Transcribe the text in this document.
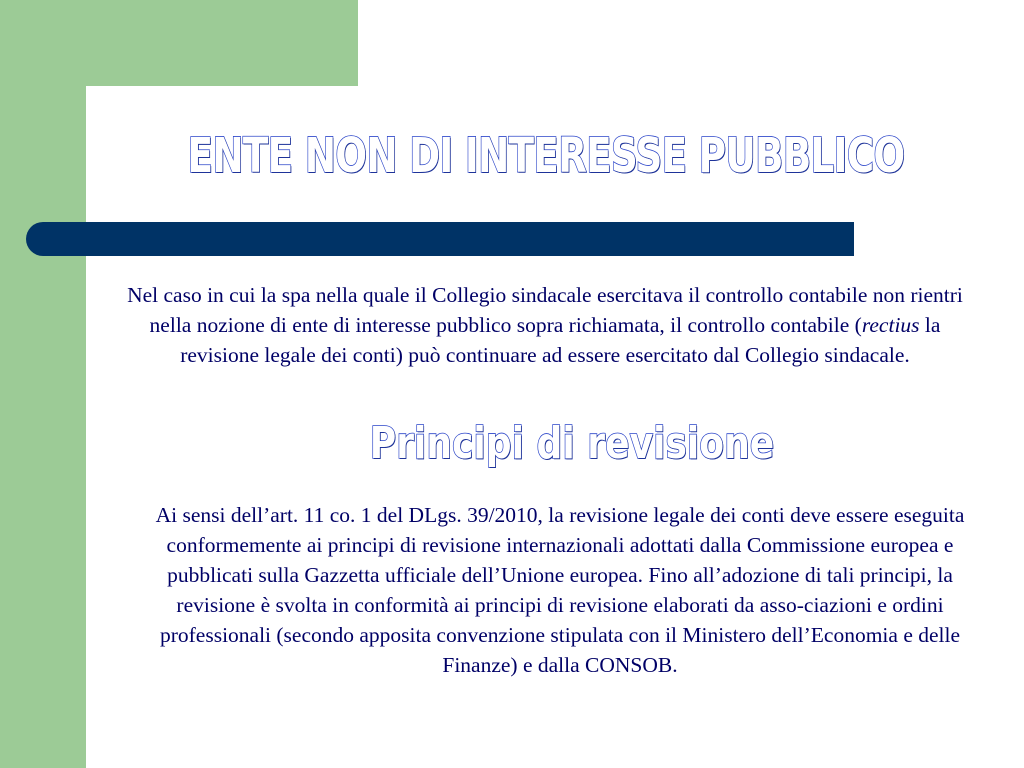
ENTE NON DI INTERESSE PUBBLICO

Nel caso in cui la spa nella quale il Collegio sindacale esercitava il controllo contabile non rientri nella nozione di ente di interesse pubblico sopra richiamata, il controllo contabile (rectius la revisione legale dei conti) può continuare ad essere esercitato dal Collegio sindacale.

Principi di revisione

Ai sensi dell’art. 11 co. 1 del DLgs. 39/2010, la revisione legale dei conti deve essere eseguita conformemente ai principi di revisione internazionali adottati dalla Commissione europea e pubblicati sulla Gazzetta ufficiale dell’Unione europea. Fino all’adozione di tali principi, la revisione è svolta in conformità ai principi di revisione elaborati da asso-ciazioni e ordini professionali (secondo apposita convenzione stipulata con il Ministero dell’Economia e delle Finanze) e dalla CONSOB.
